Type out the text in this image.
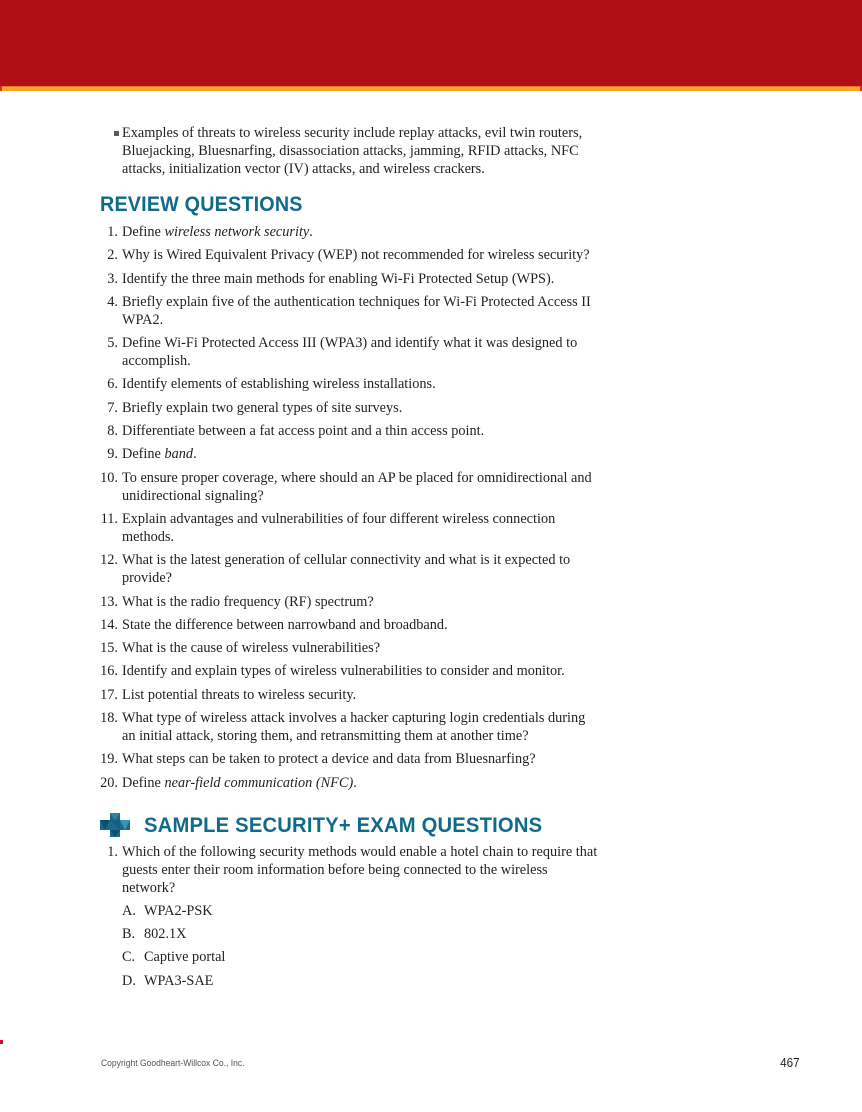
Examples of threats to wireless security include replay attacks, evil twin routers, Bluejacking, Bluesnarfing, disassociation attacks, jamming, RFID attacks, NFC attacks, initialization vector (IV) attacks, and wireless crackers.
REVIEW QUESTIONS
1. Define wireless network security.
2. Why is Wired Equivalent Privacy (WEP) not recommended for wireless security?
3. Identify the three main methods for enabling Wi-Fi Protected Setup (WPS).
4. Briefly explain five of the authentication techniques for Wi-Fi Protected Access II WPA2.
5. Define Wi-Fi Protected Access III (WPA3) and identify what it was designed to accomplish.
6. Identify elements of establishing wireless installations.
7. Briefly explain two general types of site surveys.
8. Differentiate between a fat access point and a thin access point.
9. Define band.
10. To ensure proper coverage, where should an AP be placed for omnidirectional and unidirectional signaling?
11. Explain advantages and vulnerabilities of four different wireless connection methods.
12. What is the latest generation of cellular connectivity and what is it expected to provide?
13. What is the radio frequency (RF) spectrum?
14. State the difference between narrowband and broadband.
15. What is the cause of wireless vulnerabilities?
16. Identify and explain types of wireless vulnerabilities to consider and monitor.
17. List potential threats to wireless security.
18. What type of wireless attack involves a hacker capturing login credentials during an initial attack, storing them, and retransmitting them at another time?
19. What steps can be taken to protect a device and data from Bluesnarfing?
20. Define near-field communication (NFC).
SAMPLE SECURITY+ EXAM QUESTIONS
1. Which of the following security methods would enable a hotel chain to require that guests enter their room information before being connected to the wireless network?
A. WPA2-PSK
B. 802.1X
C. Captive portal
D. WPA3-SAE
Copyright Goodheart-Willcox Co., Inc.	467
